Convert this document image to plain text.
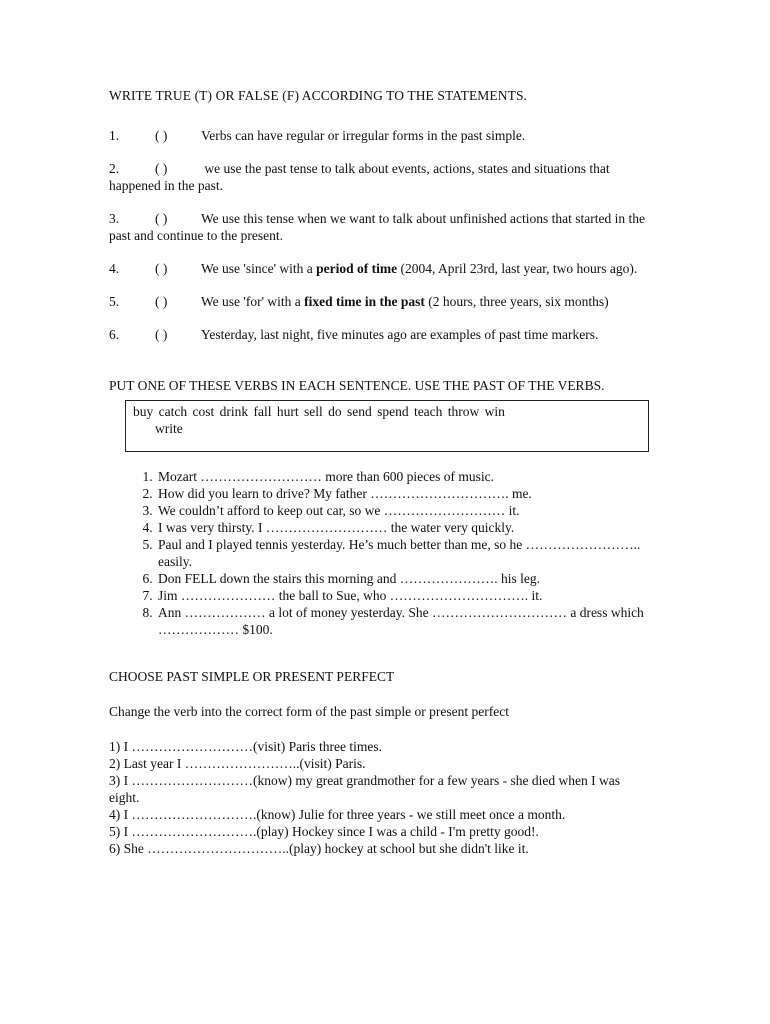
WRITE TRUE (T) OR FALSE (F) ACCORDING TO THE STATEMENTS.

1.	( ) Verbs can have regular or irregular forms in the past simple.

2.	( ) we use the past tense to talk about events, actions, states and situations that happened in the past.

3.	( ) We use this tense when we want to talk about unfinished actions that started in the past and continue to the present.

4.	( ) We use 'since' with a period of time (2004, April 23rd, last year, two hours ago).

5.	( ) We use 'for' with a fixed time in the past (2 hours, three years, six months)

6.	( ) Yesterday, last night, five minutes ago are examples of past time markers.

PUT ONE OF THESE VERBS IN EACH SENTENCE. USE THE PAST OF THE VERBS.

buy catch cost drink fall hurt sell do send spend teach throw win
write
1. Mozart ……………………… more than 600 pieces of music.
2. How did you learn to drive? My father …………………………. me.
3. We couldn’t afford to keep out car, so we ……………………… it.
4. I was very thirsty. I ……………………… the water very quickly.
5. Paul and I played tennis yesterday. He’s much better than me, so he …………………….. easily.
6. Don FELL down the stairs this morning and …………………. his leg.
7. Jim ………………… the ball to Sue, who …………………………. it.
8. Ann ……………… a lot of money yesterday. She ………………………… a dress which ……………… $100.

CHOOSE PAST SIMPLE OR PRESENT PERFECT

Change the verb into the correct form of the past simple or present perfect

1) I ………………………(visit) Paris three times.

2) Last year I ……………………..(visit) Paris.

3) I ………………………(know) my great grandmother for a few years - she died when I was eight.

4) I ……………………….(know) Julie for three years - we still meet once a month.

5) I ……………………….(play) Hockey since I was a child - I'm pretty good!.

6) She …………………………..(play) hockey at school but she didn't like it.
